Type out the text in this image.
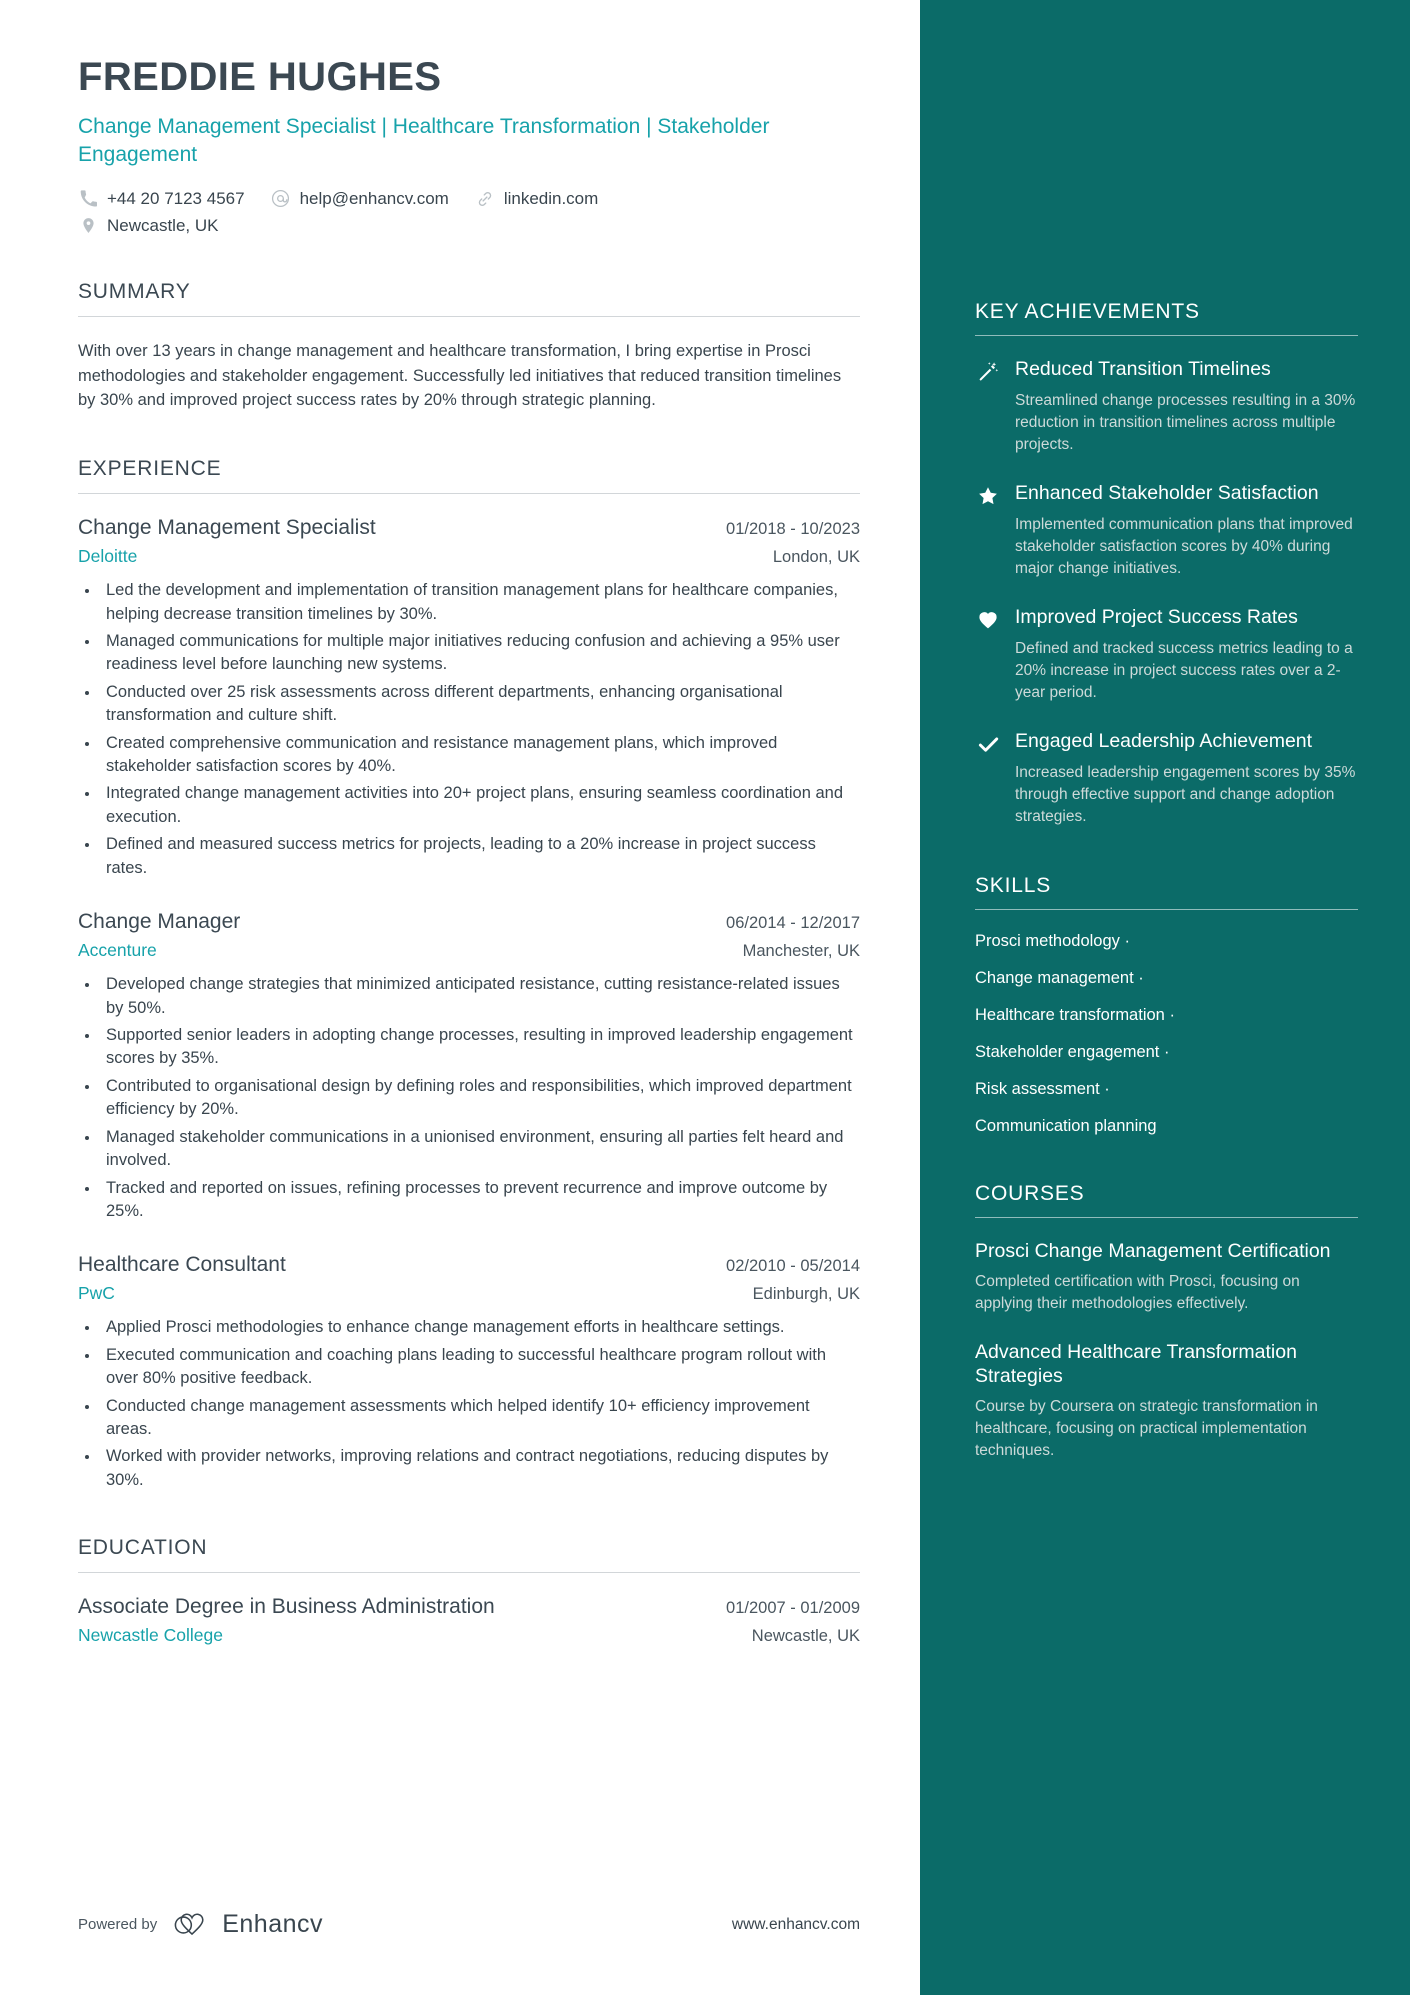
FREDDIE HUGHES
Change Management Specialist | Healthcare Transformation | Stakeholder Engagement
+44 20 7123 4567	help@enhancv.com	linkedin.com
Newcastle, UK
SUMMARY
With over 13 years in change management and healthcare transformation, I bring expertise in Prosci methodologies and stakeholder engagement. Successfully led initiatives that reduced transition timelines by 30% and improved project success rates by 20% through strategic planning.
EXPERIENCE
Change Management Specialist	01/2018 - 10/2023
Deloitte	London, UK
• Led the development and implementation of transition management plans for healthcare companies, helping decrease transition timelines by 30%.
• Managed communications for multiple major initiatives reducing confusion and achieving a 95% user readiness level before launching new systems.
• Conducted over 25 risk assessments across different departments, enhancing organisational transformation and culture shift.
• Created comprehensive communication and resistance management plans, which improved stakeholder satisfaction scores by 40%.
• Integrated change management activities into 20+ project plans, ensuring seamless coordination and execution.
• Defined and measured success metrics for projects, leading to a 20% increase in project success rates.
Change Manager	06/2014 - 12/2017
Accenture	Manchester, UK
• Developed change strategies that minimized anticipated resistance, cutting resistance-related issues by 50%.
• Supported senior leaders in adopting change processes, resulting in improved leadership engagement scores by 35%.
• Contributed to organisational design by defining roles and responsibilities, which improved department efficiency by 20%.
• Managed stakeholder communications in a unionised environment, ensuring all parties felt heard and involved.
• Tracked and reported on issues, refining processes to prevent recurrence and improve outcome by 25%.
Healthcare Consultant	02/2010 - 05/2014
PwC	Edinburgh, UK
• Applied Prosci methodologies to enhance change management efforts in healthcare settings.
• Executed communication and coaching plans leading to successful healthcare program rollout with over 80% positive feedback.
• Conducted change management assessments which helped identify 10+ efficiency improvement areas.
• Worked with provider networks, improving relations and contract negotiations, reducing disputes by 30%.
EDUCATION
Associate Degree in Business Administration	01/2007 - 01/2009
Newcastle College	Newcastle, UK
Powered by	Enhancv	www.enhancv.com
KEY ACHIEVEMENTS
Reduced Transition Timelines
Streamlined change processes resulting in a 30% reduction in transition timelines across multiple projects.
Enhanced Stakeholder Satisfaction
Implemented communication plans that improved stakeholder satisfaction scores by 40% during major change initiatives.
Improved Project Success Rates
Defined and tracked success metrics leading to a 20% increase in project success rates over a 2-year period.
Engaged Leadership Achievement
Increased leadership engagement scores by 35% through effective support and change adoption strategies.
SKILLS
Prosci methodology ·
Change management ·
Healthcare transformation ·
Stakeholder engagement ·
Risk assessment ·
Communication planning
COURSES
Prosci Change Management Certification
Completed certification with Prosci, focusing on applying their methodologies effectively.
Advanced Healthcare Transformation Strategies
Course by Coursera on strategic transformation in healthcare, focusing on practical implementation techniques.
